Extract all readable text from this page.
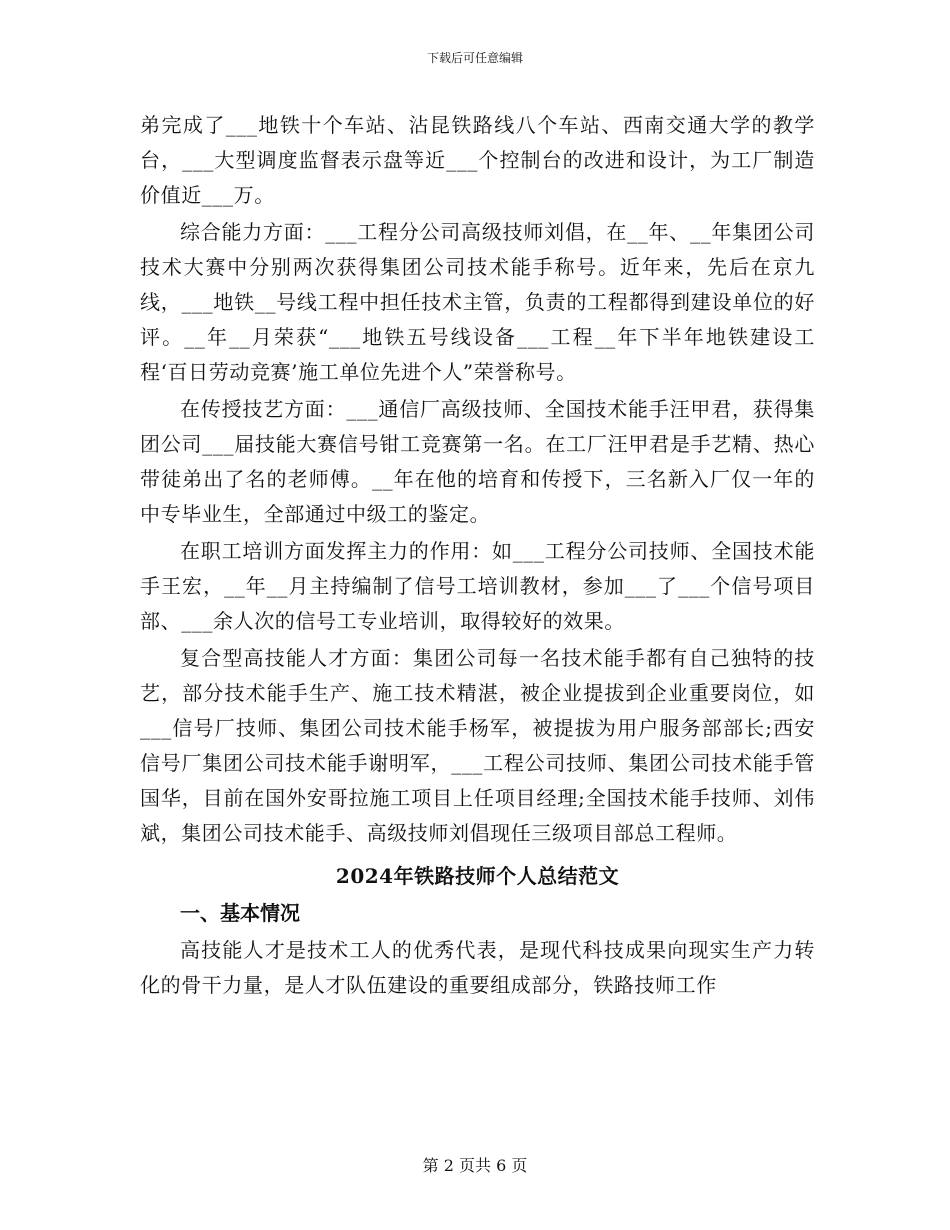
下载后可任意编辑

弟完成了___地铁十个车站、沾昆铁路线八个车站、西南交通大学的教学台，___大型调度监督表示盘等近___个控制台的改进和设计，为工厂制造价值近___万。

综合能力方面：___工程分公司高级技师刘倡，在__年、__年集团公司技术大赛中分别两次获得集团公司技术能手称号。近年来，先后在京九线，___地铁__号线工程中担任技术主管，负责的工程都得到建设单位的好评。__年__月荣获“___地铁五号线设备___工程__年下半年地铁建设工程‘百日劳动竞赛’施工单位先进个人”荣誉称号。

在传授技艺方面：___通信厂高级技师、全国技术能手汪甲君，获得集团公司___届技能大赛信号钳工竞赛第一名。在工厂汪甲君是手艺精、热心带徒弟出了名的老师傅。__年在他的培育和传授下，三名新入厂仅一年的中专毕业生，全部通过中级工的鉴定。

在职工培训方面发挥主力的作用：如___工程分公司技师、全国技术能手王宏，__年__月主持编制了信号工培训教材，参加___了___个信号项目部、___余人次的信号工专业培训，取得较好的效果。

复合型高技能人才方面：集团公司每一名技术能手都有自己独特的技艺，部分技术能手生产、施工技术精湛，被企业提拔到企业重要岗位，如___信号厂技师、集团公司技术能手杨军，被提拔为用户服务部部长;西安信号厂集团公司技术能手谢明军，___工程公司技师、集团公司技术能手管国华，目前在国外安哥拉施工项目上任项目经理;全国技术能手技师、刘伟斌，集团公司技术能手、高级技师刘倡现任三级项目部总工程师。

2024年铁路技师个人总结范文
一、基本情况

高技能人才是技术工人的优秀代表，是现代科技成果向现实生产力转化的骨干力量，是人才队伍建设的重要组成部分，铁路技师工作

第 2 页共 6 页
